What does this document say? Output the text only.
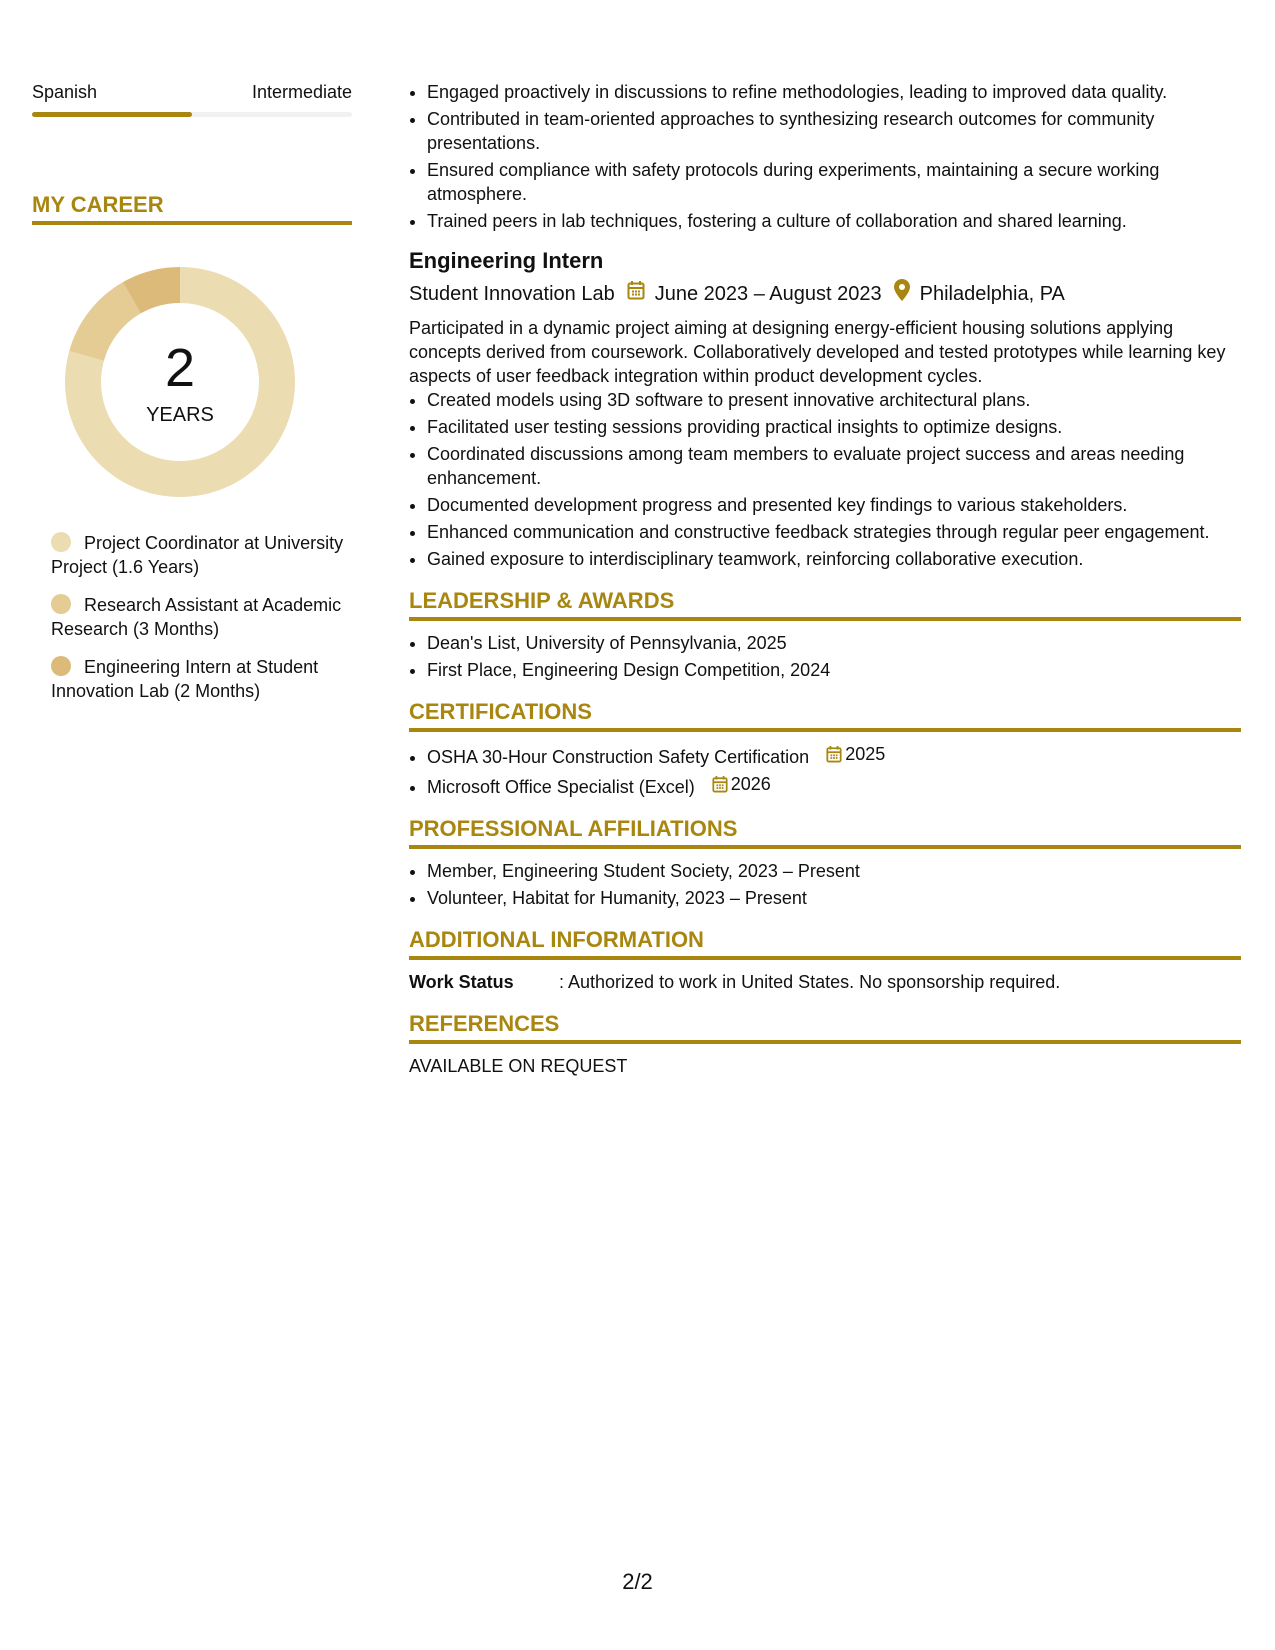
Spanish	Intermediate
MY CAREER
2
YEARS
Project Coordinator at University Project (1.6 Years)
Research Assistant at Academic Research (3 Months)
Engineering Intern at Student Innovation Lab (2 Months)
• Engaged proactively in discussions to refine methodologies, leading to improved data quality.
• Contributed in team-oriented approaches to synthesizing research outcomes for community presentations.
• Ensured compliance with safety protocols during experiments, maintaining a secure working atmosphere.
• Trained peers in lab techniques, fostering a culture of collaboration and shared learning.
Engineering Intern
Student Innovation Lab June 2023 – August 2023 Philadelphia, PA
Participated in a dynamic project aiming at designing energy-efficient housing solutions applying concepts derived from coursework. Collaboratively developed and tested prototypes while learning key aspects of user feedback integration within product development cycles.
• Created models using 3D software to present innovative architectural plans.
• Facilitated user testing sessions providing practical insights to optimize designs.
• Coordinated discussions among team members to evaluate project success and areas needing enhancement.
• Documented development progress and presented key findings to various stakeholders.
• Enhanced communication and constructive feedback strategies through regular peer engagement.
• Gained exposure to interdisciplinary teamwork, reinforcing collaborative execution.
LEADERSHIP & AWARDS
• Dean's List, University of Pennsylvania, 2025
• First Place, Engineering Design Competition, 2024
CERTIFICATIONS
• OSHA 30-Hour Construction Safety Certification 2025
• Microsoft Office Specialist (Excel) 2026
PROFESSIONAL AFFILIATIONS
• Member, Engineering Student Society, 2023 – Present
• Volunteer, Habitat for Humanity, 2023 – Present
ADDITIONAL INFORMATION
Work Status	: Authorized to work in United States. No sponsorship required.
REFERENCES
AVAILABLE ON REQUEST
2/2
